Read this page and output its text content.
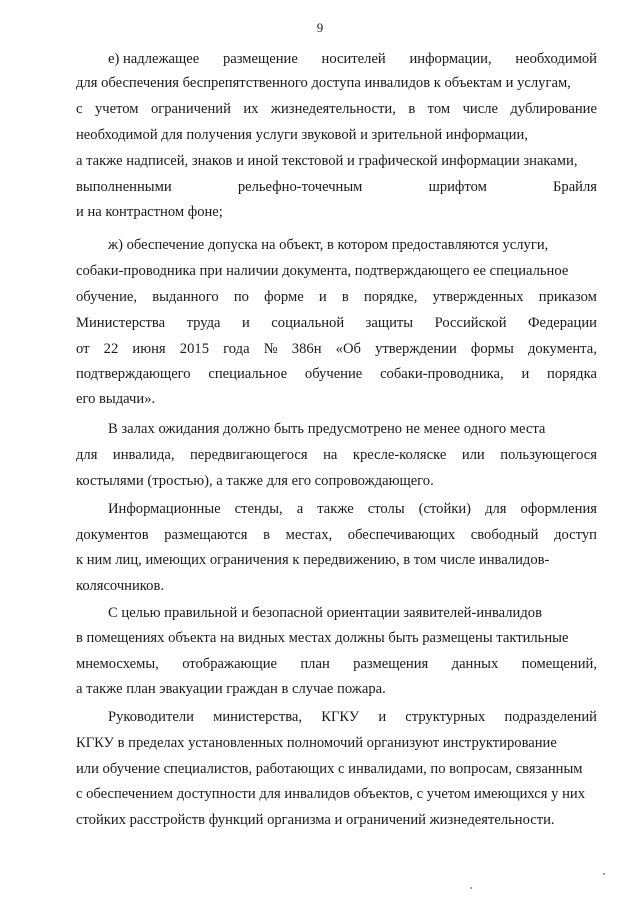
9
е) надлежащее размещение носителей информации, необходимой
для обеспечения беспрепятственного доступа инвалидов к объектам и услугам,
с учетом ограничений их жизнедеятельности, в том числе дублирование
необходимой для получения услуги звуковой и зрительной информации,
а также надписей, знаков и иной текстовой и графической информации знаками,
выполненными	рельефно-точечным	шрифтом	Брайля
и на контрастном фоне;
ж) обеспечение допуска на объект, в котором предоставляются услуги,
собаки-проводника при наличии документа, подтверждающего ее специальное
обучение, выданного по форме и в порядке, утвержденных приказом
Министерства труда и социальной защиты Российской Федерации
от 22 июня 2015 года № 386н «Об утверждении формы документа,
подтверждающего специальное обучение собаки-проводника, и порядка
его выдачи».
В залах ожидания должно быть предусмотрено не менее одного места
для инвалида, передвигающегося на кресле-коляске или пользующегося
костылями (тростью), а также для его сопровождающего.
Информационные стенды, а также столы (стойки) для оформления
документов размещаются в местах, обеспечивающих свободный доступ
к ним лиц, имеющих ограничения к передвижению, в том числе инвалидов-
колясочников.
С целью правильной и безопасной ориентации заявителей-инвалидов
в помещениях объекта на видных местах должны быть размещены тактильные
мнемосхемы, отображающие план размещения данных помещений,
а также план эвакуации граждан в случае пожара.
Руководители министерства, КГКУ и структурных подразделений
КГКУ в пределах установленных полномочий организуют инструктирование
или обучение специалистов, работающих с инвалидами, по вопросам, связанным
с обеспечением доступности для инвалидов объектов, с учетом имеющихся у них
стойких расстройств функций организма и ограничений жизнедеятельности.
